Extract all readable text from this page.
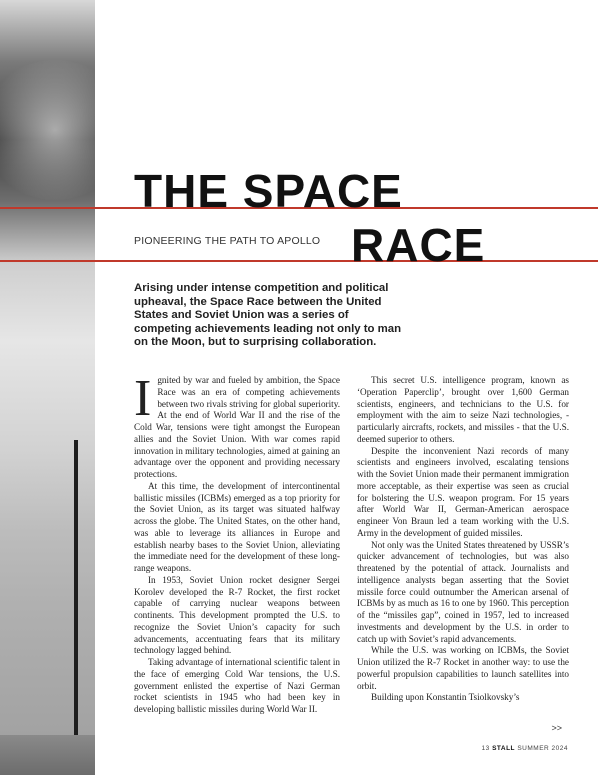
THE SPACE
RACE
PIONEERING THE PATH TO APOLLO

Arising under intense competition and political upheaval, the Space Race between the United States and Soviet Union was a series of competing achievements leading not only to man on the Moon, but to surprising collaboration.

Ignited by war and fueled by ambition, the Space Race was an era of competing achievements between two rivals striving for global superiority. At the end of World War II and the rise of the Cold War, tensions were tight amongst the European allies and the Soviet Union. With war comes rapid innovation in military technologies, aimed at gaining an advantage over the opponent and providing necessary protections.

At this time, the development of intercontinental ballistic missiles (ICBMs) emerged as a top priority for the Soviet Union, as its target was situated halfway across the globe. The United States, on the other hand, was able to leverage its alliances in Europe and establish nearby bases to the Soviet Union, alleviating the immediate need for the development of these long-range weapons.

In 1953, Soviet Union rocket designer Sergei Korolev developed the R-7 Rocket, the first rocket capable of carrying nuclear weapons between continents. This development prompted the U.S. to recognize the Soviet Union’s capacity for such advancements, accentuating fears that its military technology lagged behind.

Taking advantage of international scientific talent in the face of emerging Cold War tensions, the U.S. government enlisted the expertise of Nazi German rocket scientists in 1945 who had been key in developing ballistic missiles during World War II.

This secret U.S. intelligence program, known as ‘Operation Paperclip’, brought over 1,600 German scientists, engineers, and technicians to the U.S. for employment with the aim to seize Nazi technologies, - particularly aircrafts, rockets, and missiles - that the U.S. deemed superior to others.

Despite the inconvenient Nazi records of many scientists and engineers involved, escalating tensions with the Soviet Union made their permanent immigration more acceptable, as their expertise was seen as crucial for bolstering the U.S. weapon program. For 15 years after World War II, German-American aerospace engineer Von Braun led a team working with the U.S. Army in the development of guided missiles.

Not only was the United States threatened by USSR’s quicker advancement of technologies, but was also threatened by the potential of attack. Journalists and intelligence analysts began asserting that the Soviet missile force could outnumber the American arsenal of ICBMs by as much as 16 to one by 1960. This perception of the “missiles gap”, coined in 1957, led to increased investments and development by the U.S. in order to catch up with Soviet’s rapid advancements.

While the U.S. was working on ICBMs, the Soviet Union utilized the R-7 Rocket in another way: to use the powerful propulsion capabilities to launch satellites into orbit.

Building upon Konstantin Tsiolkovsky’s

>>
13 STALL SUMMER 2024
